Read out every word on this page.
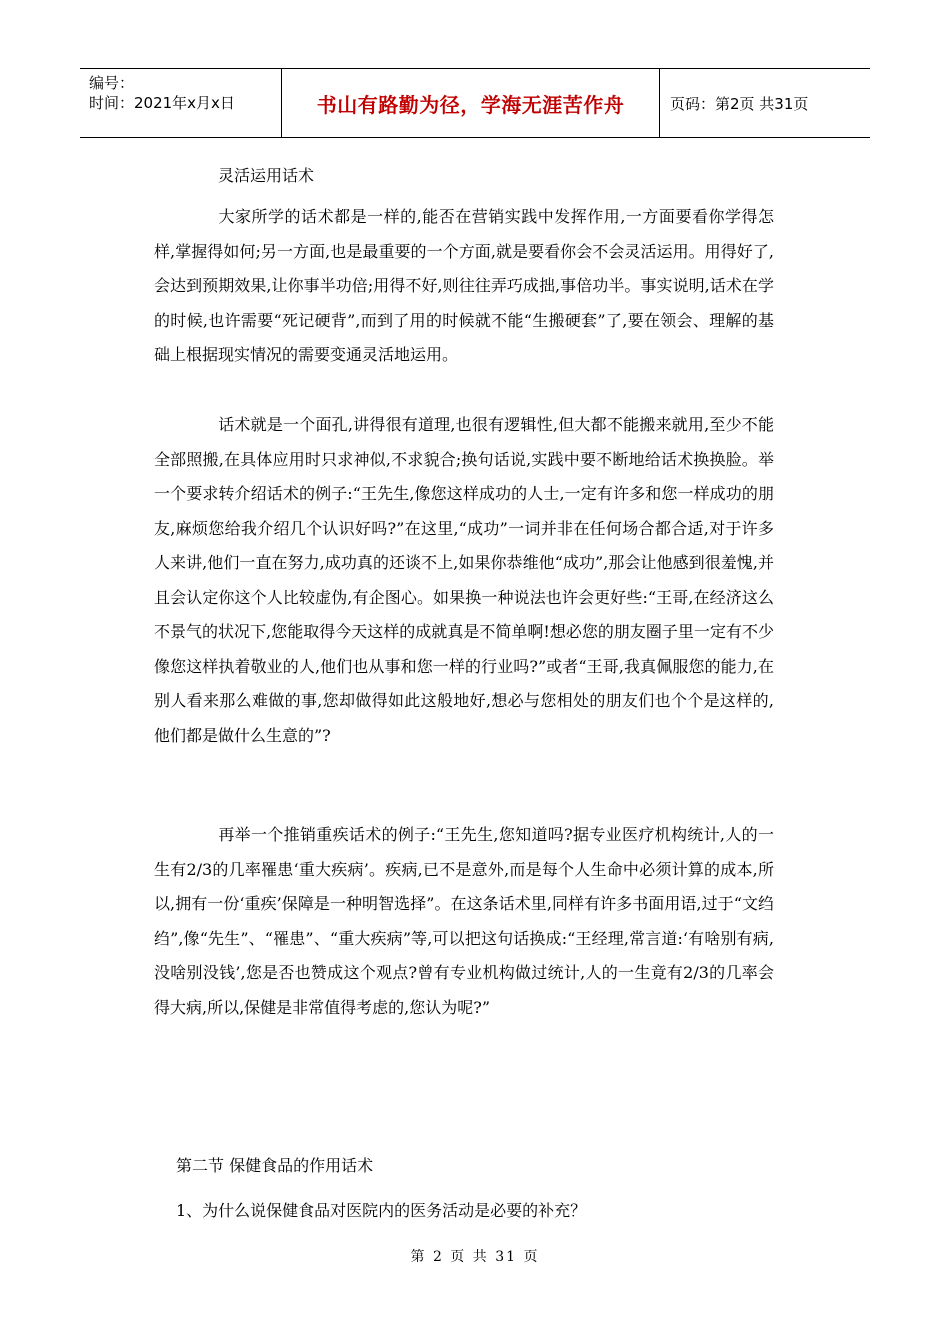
编号：
时间：2021年x月x日	书山有路勤为径，学海无涯苦作舟	页码：第2页 共31页
灵活运用话术
大家所学的话术都是一样的,能否在营销实践中发挥作用,一方面要看你学得怎样,掌握得如何;另一方面,也是最重要的一个方面,就是要看你会不会灵活运用。用得好了,会达到预期效果,让你事半功倍;用得不好,则往往弄巧成拙,事倍功半。事实说明,话术在学的时候,也许需要“死记硬背”,而到了用的时候就不能“生搬硬套”了,要在领会、理解的基础上根据现实情况的需要变通灵活地运用。
话术就是一个面孔,讲得很有道理,也很有逻辑性,但大都不能搬来就用,至少不能全部照搬,在具体应用时只求神似,不求貌合;换句话说,实践中要不断地给话术换换脸。举一个要求转介绍话术的例子:“王先生,像您这样成功的人士,一定有许多和您一样成功的朋友,麻烦您给我介绍几个认识好吗?”在这里,“成功”一词并非在任何场合都合适,对于许多人来讲,他们一直在努力,成功真的还谈不上,如果你恭维他“成功”,那会让他感到很羞愧,并且会认定你这个人比较虚伪,有企图心。如果换一种说法也许会更好些:“王哥,在经济这么不景气的状况下,您能取得今天这样的成就真是不简单啊!想必您的朋友圈子里一定有不少像您这样执着敬业的人,他们也从事和您一样的行业吗?”或者“王哥,我真佩服您的能力,在别人看来那么难做的事,您却做得如此这般地好,想必与您相处的朋友们也个个是这样的,他们都是做什么生意的”?
再举一个推销重疾话术的例子:“王先生,您知道吗?据专业医疗机构统计,人的一生有2/3的几率罹患‘重大疾病’。疾病,已不是意外,而是每个人生命中必须计算的成本,所以,拥有一份‘重疾’保障是一种明智选择”。在这条话术里,同样有许多书面用语,过于“文绉绉”,像“先生”、“罹患”、“重大疾病”等,可以把这句话换成:“王经理,常言道:‘有啥别有病,没啥别没钱’,您是否也赞成这个观点?曾有专业机构做过统计,人的一生竟有2/3的几率会得大病,所以,保健是非常值得考虑的,您认为呢?”
第二节 保健食品的作用话术
1、为什么说保健食品对医院内的医务活动是必要的补充？
第 2 页 共 31 页
